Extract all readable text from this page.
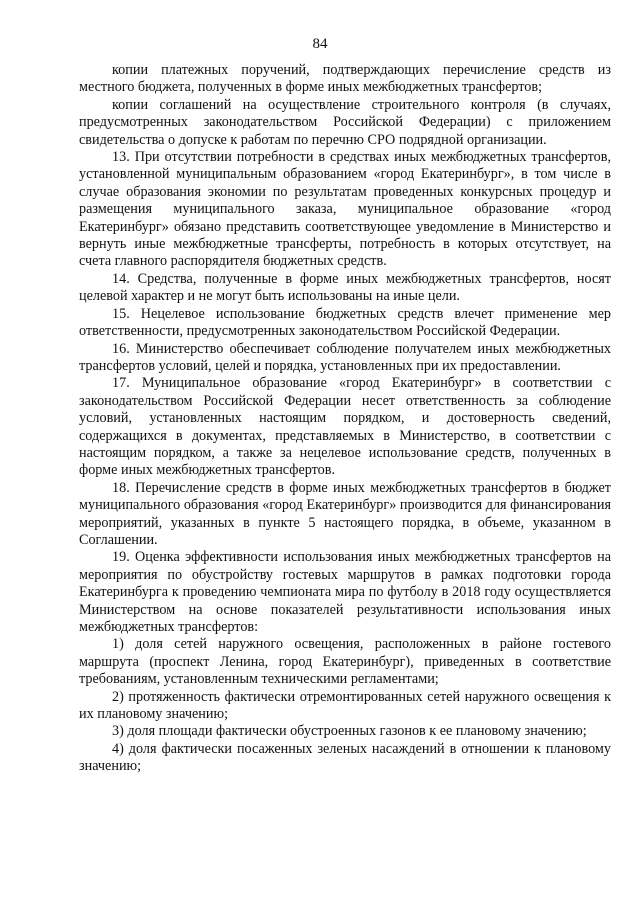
84

копии платежных поручений, подтверждающих перечисление средств из местного бюджета, полученных в форме иных межбюджетных трансфертов;

копии соглашений на осуществление строительного контроля (в случаях, предусмотренных законодательством Российской Федерации) с приложением свидетельства о допуске к работам по перечню СРО подрядной организации.

13. При отсутствии потребности в средствах иных межбюджетных трансфертов, установленной муниципальным образованием «город Екатеринбург», в том числе в случае образования экономии по результатам проведенных конкурсных процедур и размещения муниципального заказа, муниципальное образование «город Екатеринбург» обязано представить соответствующее уведомление в Министерство и вернуть иные межбюджетные трансферты, потребность в которых отсутствует, на счета главного распорядителя бюджетных средств.

14. Средства, полученные в форме иных межбюджетных трансфертов, носят целевой характер и не могут быть использованы на иные цели.

15. Нецелевое использование бюджетных средств влечет применение мер ответственности, предусмотренных законодательством Российской Федерации.

16. Министерство обеспечивает соблюдение получателем иных межбюджетных трансфертов условий, целей и порядка, установленных при их предоставлении.

17. Муниципальное образование «город Екатеринбург» в соответствии с законодательством Российской Федерации несет ответственность за соблюдение условий, установленных настоящим порядком, и достоверность сведений, содержащихся в документах, представляемых в Министерство, в соответствии с настоящим порядком, а также за нецелевое использование средств, полученных в форме иных межбюджетных трансфертов.

18. Перечисление средств в форме иных межбюджетных трансфертов в бюджет муниципального образования «город Екатеринбург» производится для финансирования мероприятий, указанных в пункте 5 настоящего порядка, в объеме, указанном в Соглашении.

19. Оценка эффективности использования иных межбюджетных трансфертов на мероприятия по обустройству гостевых маршрутов в рамках подготовки города Екатеринбурга к проведению чемпионата мира по футболу в 2018 году осуществляется Министерством на основе показателей результативности использования иных межбюджетных трансфертов:

1) доля сетей наружного освещения, расположенных в районе гостевого маршрута (проспект Ленина, город Екатеринбург), приведенных в соответствие требованиям, установленным техническими регламентами;

2) протяженность фактически отремонтированных сетей наружного освещения к их плановому значению;

3) доля площади фактически обустроенных газонов к ее плановому значению;

4) доля фактически посаженных зеленых насаждений в отношении к плановому значению;
